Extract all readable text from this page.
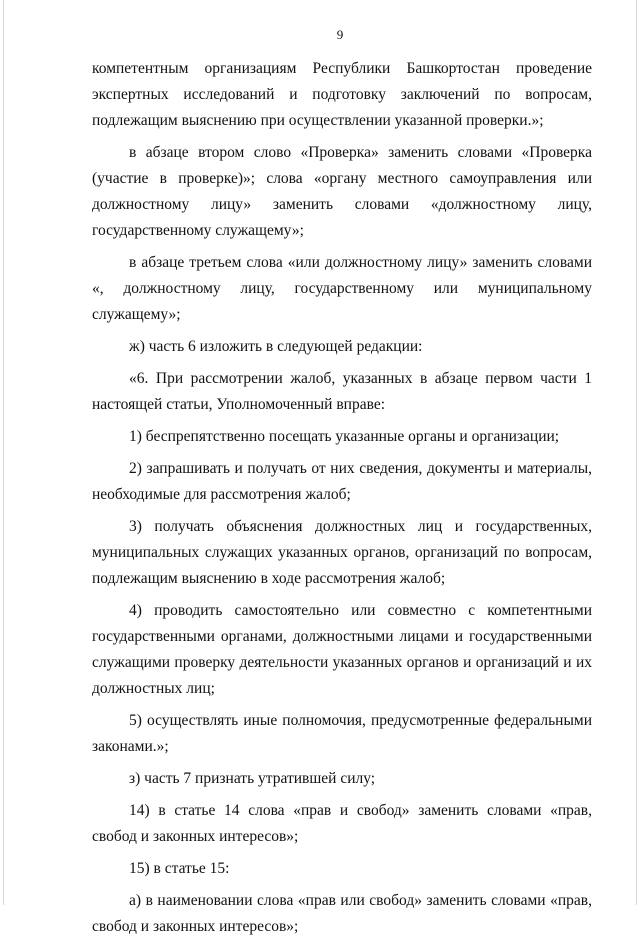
9

компетентным организациям Республики Башкортостан проведение экспертных исследований и подготовку заключений по вопросам, подлежащим выяснению при осуществлении указанной проверки.»;

в абзаце втором слово «Проверка» заменить словами «Проверка (участие в проверке)»; слова «органу местного самоуправления или должностному лицу» заменить словами «должностному лицу, государственному служащему»;

в абзаце третьем слова «или должностному лицу» заменить словами «, должностному лицу, государственному или муниципальному служащему»;

ж) часть 6 изложить в следующей редакции:

«6. При рассмотрении жалоб, указанных в абзаце первом части 1 настоящей статьи, Уполномоченный вправе:

1) беспрепятственно посещать указанные органы и организации;

2) запрашивать и получать от них сведения, документы и материалы, необходимые для рассмотрения жалоб;

3) получать объяснения должностных лиц и государственных, муниципальных служащих указанных органов, организаций по вопросам, подлежащим выяснению в ходе рассмотрения жалоб;

4) проводить самостоятельно или совместно с компетентными государственными органами, должностными лицами и государственными служащими проверку деятельности указанных органов и организаций и их должностных лиц;

5) осуществлять иные полномочия, предусмотренные федеральными законами.»;

з) часть 7 признать утратившей силу;

14) в статье 14 слова «прав и свобод» заменить словами «прав, свобод и законных интересов»;

15) в статье 15:

а) в наименовании слова «прав или свобод» заменить словами «прав, свобод и законных интересов»;
